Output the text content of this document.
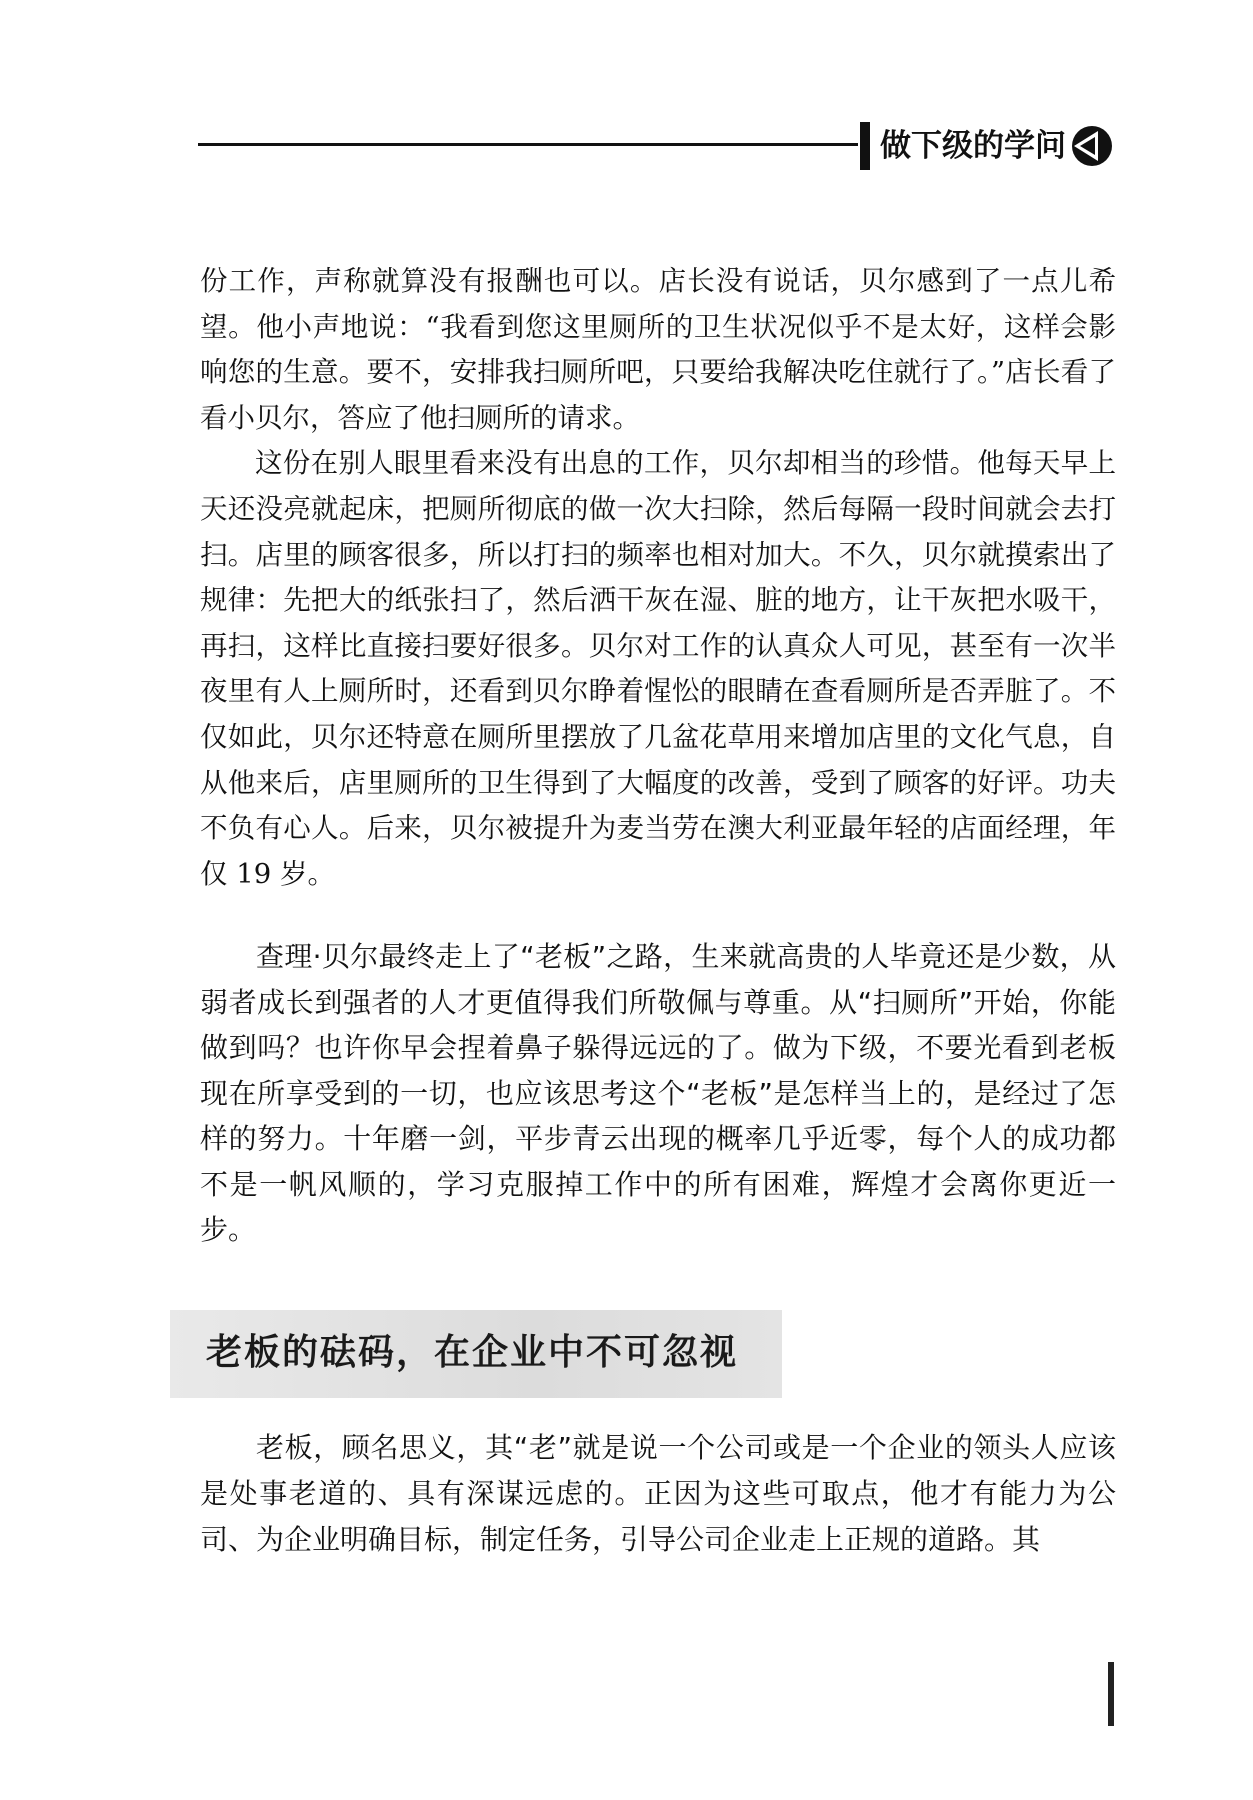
做下级的学问

份工作，声称就算没有报酬也可以。店长没有说话，贝尔感到了一点儿希望。他小声地说：“我看到您这里厕所的卫生状况似乎不是太好，这样会影响您的生意。要不，安排我扫厕所吧，只要给我解决吃住就行了。”店长看了看小贝尔，答应了他扫厕所的请求。

这份在别人眼里看来没有出息的工作，贝尔却相当的珍惜。他每天早上天还没亮就起床，把厕所彻底的做一次大扫除，然后每隔一段时间就会去打扫。店里的顾客很多，所以打扫的频率也相对加大。不久，贝尔就摸索出了规律：先把大的纸张扫了，然后洒干灰在湿、脏的地方，让干灰把水吸干，再扫，这样比直接扫要好很多。贝尔对工作的认真众人可见，甚至有一次半夜里有人上厕所时，还看到贝尔睁着惺忪的眼睛在查看厕所是否弄脏了。不仅如此，贝尔还特意在厕所里摆放了几盆花草用来增加店里的文化气息，自从他来后，店里厕所的卫生得到了大幅度的改善，受到了顾客的好评。功夫不负有心人。后来，贝尔被提升为麦当劳在澳大利亚最年轻的店面经理，年仅 19 岁。

查理·贝尔最终走上了“老板”之路，生来就高贵的人毕竟还是少数，从弱者成长到强者的人才更值得我们所敬佩与尊重。从“扫厕所”开始，你能做到吗？也许你早会捏着鼻子躲得远远的了。做为下级，不要光看到老板现在所享受到的一切，也应该思考这个“老板”是怎样当上的，是经过了怎样的努力。十年磨一剑，平步青云出现的概率几乎近零，每个人的成功都不是一帆风顺的，学习克服掉工作中的所有困难，辉煌才会离你更近一步。

老板的砝码，在企业中不可忽视

老板，顾名思义，其“老”就是说一个公司或是一个企业的领头人应该是处事老道的、具有深谋远虑的。正因为这些可取点，他才有能力为公司、为企业明确目标，制定任务，引导公司企业走上正规的道路。其
